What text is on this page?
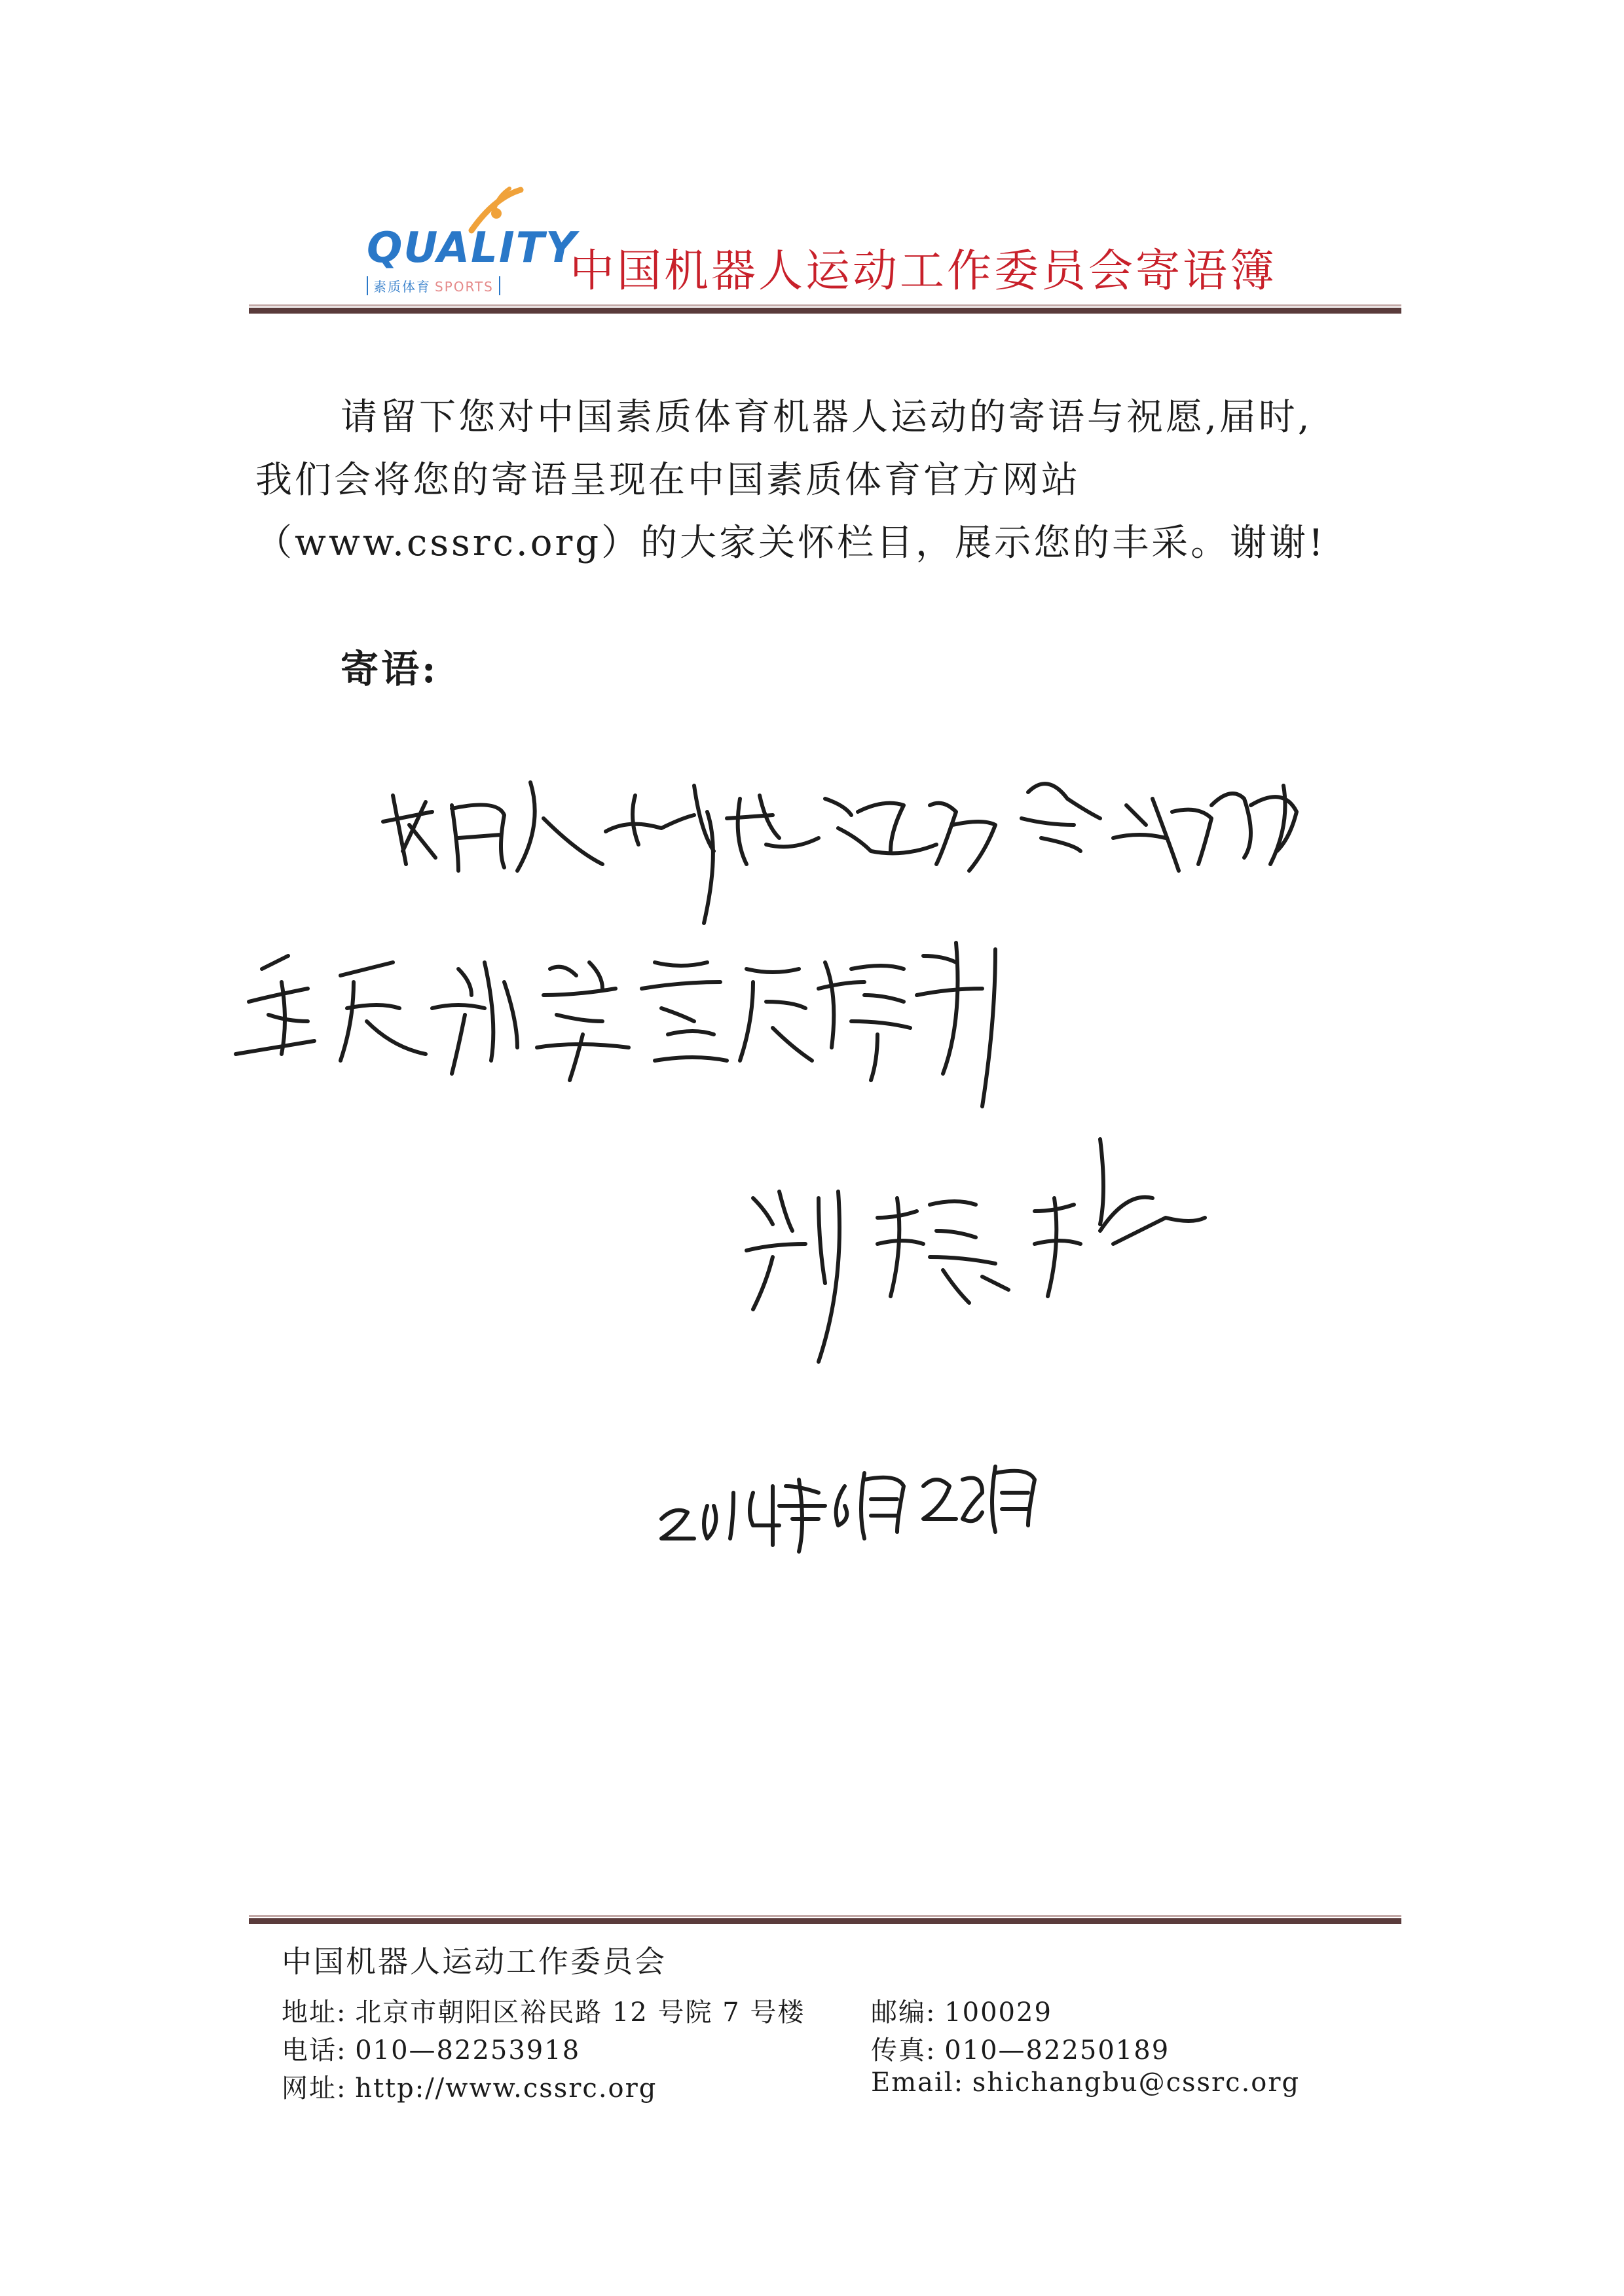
QUALITY
素质体育 SPORTS 中国机器人运动工作委员会寄语簿
请留下您对中国素质体育机器人运动的寄语与祝愿,届时,
我们会将您的寄语呈现在中国素质体育官方网站
（www.cssrc.org）的大家关怀栏目，展示您的丰采。谢谢!
寄语:
中国机器人运动工作委员会
地址: 北京市朝阳区裕民路 12 号院 7 号楼	邮编: 100029
电话: 010—82253918	传真: 010—82250189
网址: http://www.cssrc.org	Email: shichangbu@cssrc.org
